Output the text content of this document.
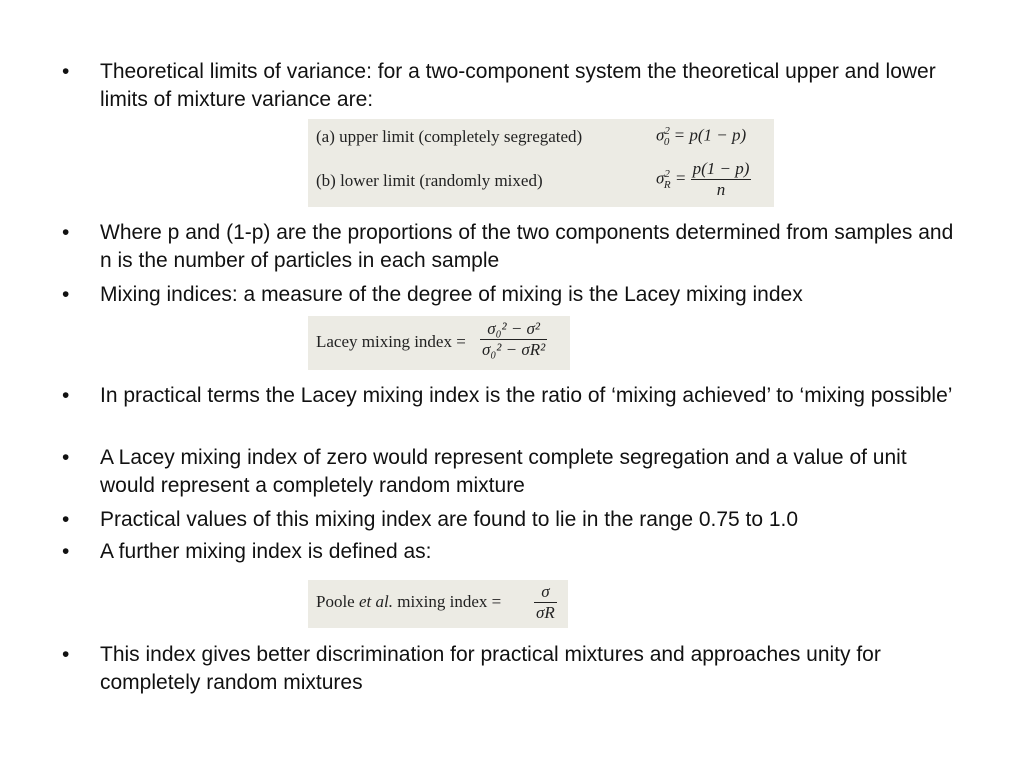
• Theoretical limits of variance: for a two-component system the theoretical upper and lower limits of mixture variance are:
(a) upper limit (completely segregated)	$\sigma^2_0 = p(1 - p)$
(b) lower limit (randomly mixed)	$\sigma^2_R = \frac{p(1 - p)}{n}$
• Where p and (1-p) are the proportions of the two components determined from samples and n is the number of particles in each sample
• Mixing indices: a measure of the degree of mixing is the Lacey mixing index
Lacey mixing index = $\frac{\text{σ₀² − σ²}}{\text{σ₀² − σR²}}$
• In practical terms the Lacey mixing index is the ratio of ‘mixing achieved’ to ‘mixing possible’
• A Lacey mixing index of zero would represent complete segregation and a value of unit would represent a completely random mixture
• Practical values of this mixing index are found to lie in the range 0.75 to 1.0
• A further mixing index is defined as:
Poole et al. mixing index = $\frac{\sigma}{\sigma R}$
• This index gives better discrimination for practical mixtures and approaches unity for completely random mixtures
